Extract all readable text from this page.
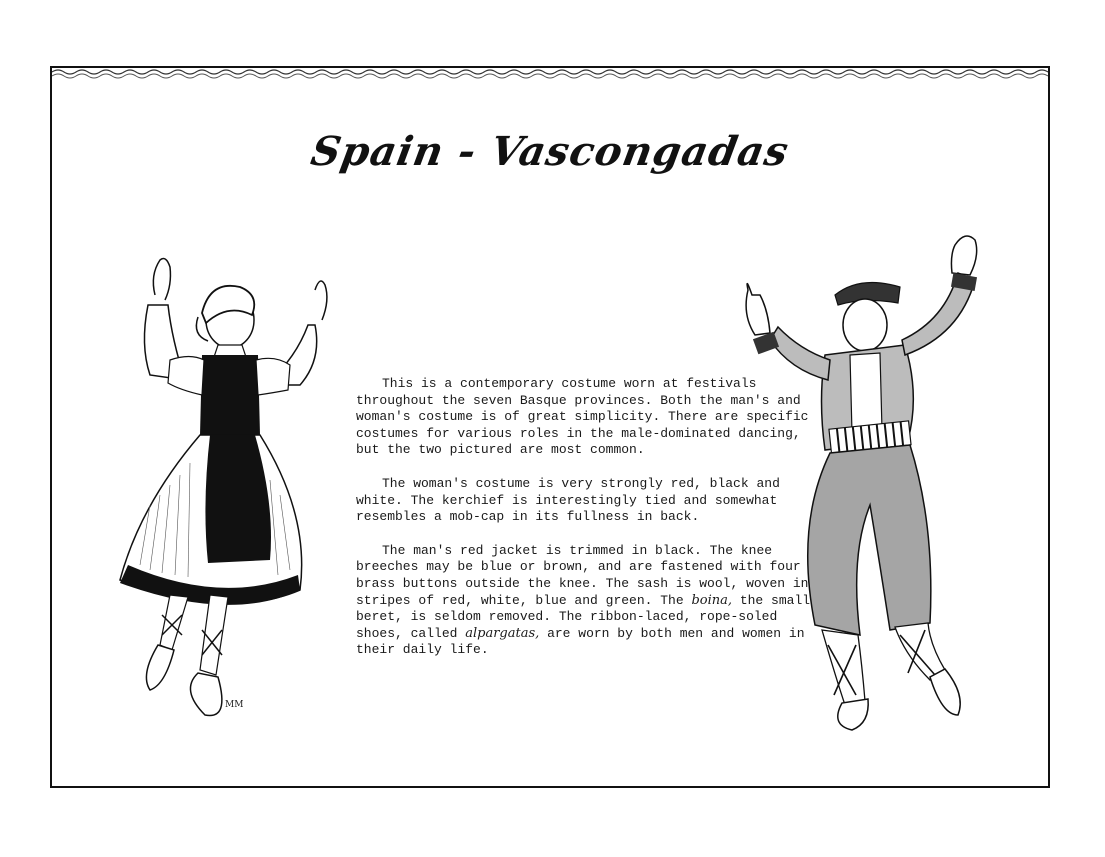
Spain - Vascongadas
MM

This is a contemporary costume worn at festivals throughout the seven Basque provinces. Both the man's and woman's costume is of great simplicity. There are specific costumes for various roles in the male-dominated dancing, but the two pictured are most common.

The woman's costume is very strongly red, black and white. The kerchief is interestingly tied and somewhat resembles a mob-cap in its fullness in back.

The man's red jacket is trimmed in black. The knee breeches may be blue or brown, and are fastened with four brass buttons outside the knee. The sash is wool, woven in stripes of red, white, blue and green. The boina, the small beret, is seldom removed. The ribbon-laced, rope-soled shoes, called alpargatas, are worn by both men and women in their daily life.
